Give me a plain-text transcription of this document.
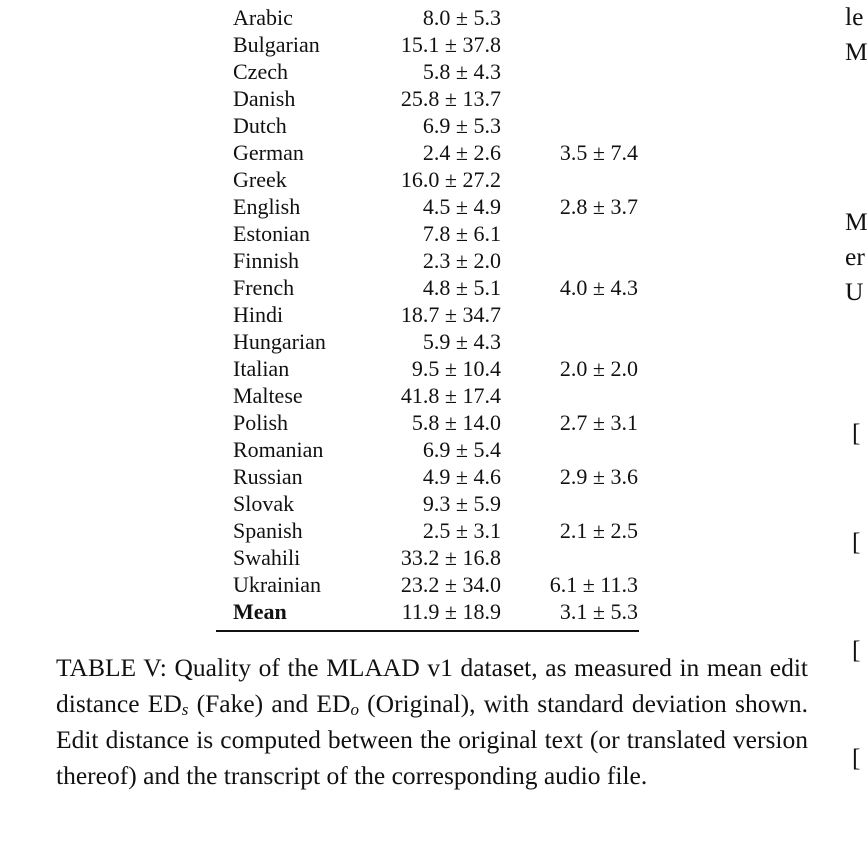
Arabic	8.0 ± 5.3	
Bulgarian	15.1 ± 37.8	
Czech	5.8 ± 4.3	
Danish	25.8 ± 13.7	
Dutch	6.9 ± 5.3	
German	2.4 ± 2.6	3.5 ± 7.4
Greek	16.0 ± 27.2	
English	4.5 ± 4.9	2.8 ± 3.7
Estonian	7.8 ± 6.1	
Finnish	2.3 ± 2.0	
French	4.8 ± 5.1	4.0 ± 4.3
Hindi	18.7 ± 34.7	
Hungarian	5.9 ± 4.3	
Italian	9.5 ± 10.4	2.0 ± 2.0
Maltese	41.8 ± 17.4	
Polish	5.8 ± 14.0	2.7 ± 3.1
Romanian	6.9 ± 5.4	
Russian	4.9 ± 4.6	2.9 ± 3.6
Slovak	9.3 ± 5.9	
Spanish	2.5 ± 3.1	2.1 ± 2.5
Swahili	33.2 ± 16.8	
Ukrainian	23.2 ± 34.0	6.1 ± 11.3
Mean	11.9 ± 18.9	3.1 ± 5.3
TABLE V: Quality of the MLAAD v1 dataset, as measured in mean edit distance $ED_s$ (Fake) and $ED_o$ (Original), with standard deviation shown. Edit distance is computed between the original text (or translated version thereof) and the transcript of the corresponding audio file.
le
M
M
er
U
[
[
[
[
